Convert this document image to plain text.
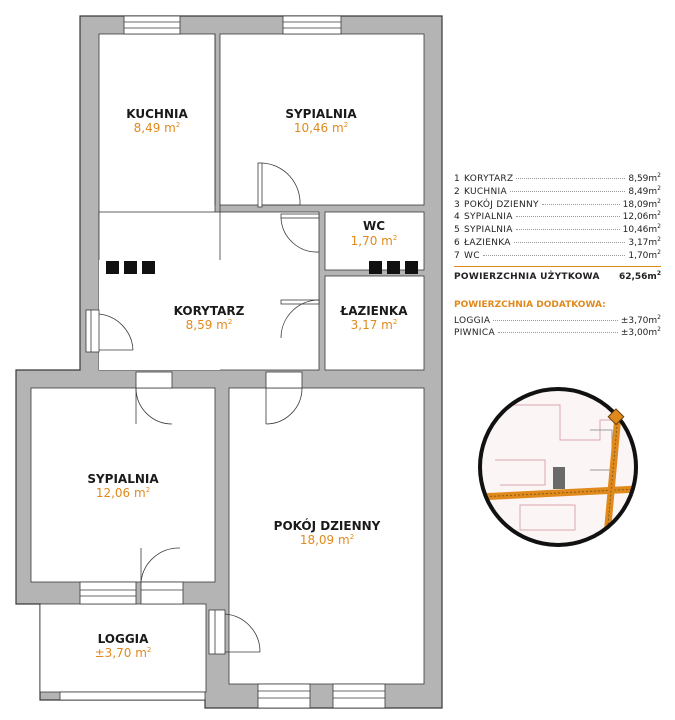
KUCHNIA
8,49 $m^2$
SYPIALNIA
10,46 $m^2$
WC
1,70 $m^2$
KORYTARZ
8,59 $m^2$
ŁAZIENKA
3,17 $m^2$
SYPIALNIA
12,06 $m^2$
POKÓJ DZIENNY
18,09 $m^2$
LOGGIA
±3,70 $m^2$
1 KORYTARZ	$8,59m^2$
2 KUCHNIA	$8,49m^2$
3 POKÓJ DZIENNY	$18,09m^2$
4 SYPIALNIA	$12,06m^2$
5 SYPIALNIA	$10,46m^2$
6 ŁAZIENKA	$3,17m^2$
7 WC	$1,70m^2$
POWIERZCHNIA UŻYTKOWA $62,56m^2$
POWIERZCHNIA DODATKOWA:
LOGGIA	$\pm 3,70m^2$
PIWNICA	$\pm 3,00m^2$
